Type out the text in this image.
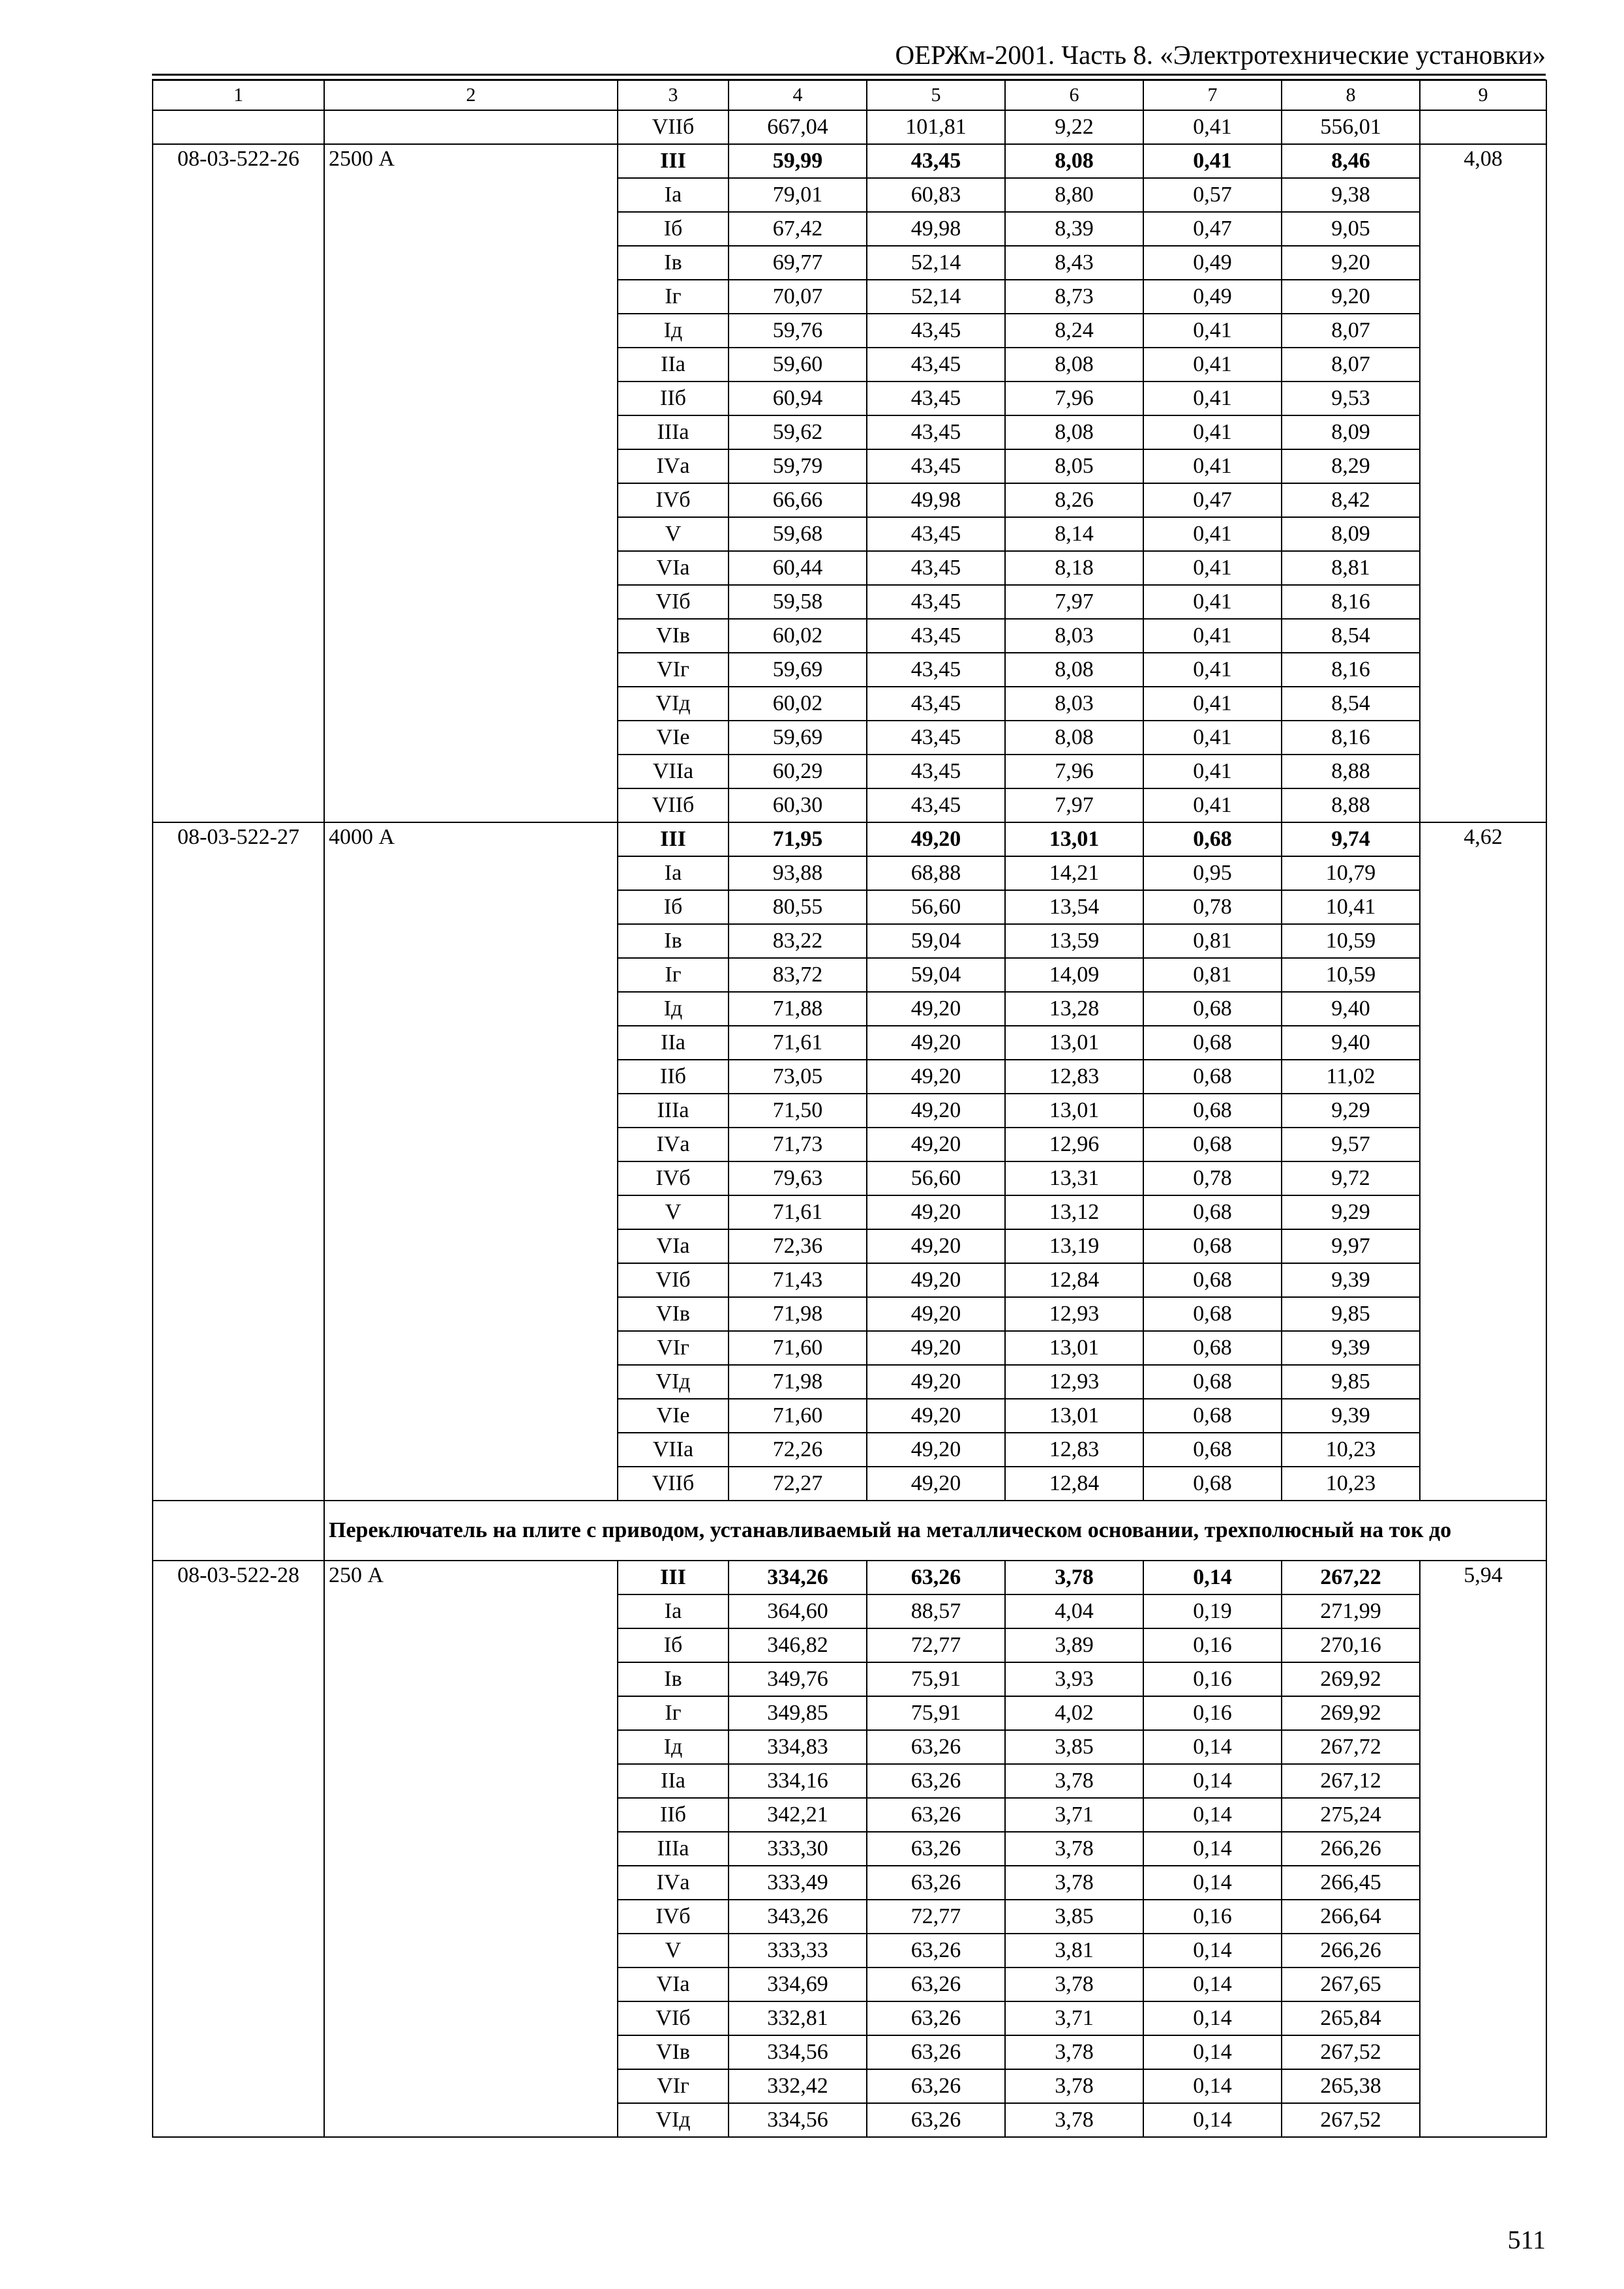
ОЕРЖм-2001. Часть 8. «Электротехнические установки»
1	2	3	4	5	6	7	8	9
		VIIб	667,04	101,81	9,22	0,41	556,01	
08-03-522-26	2500 А	III	59,99	43,45	8,08	0,41	8,46	4,08
		Iа	79,01	60,83	8,80	0,57	9,38	
		Iб	67,42	49,98	8,39	0,47	9,05	
		Iв	69,77	52,14	8,43	0,49	9,20	
		Iг	70,07	52,14	8,73	0,49	9,20	
		Iд	59,76	43,45	8,24	0,41	8,07	
		IIа	59,60	43,45	8,08	0,41	8,07	
		IIб	60,94	43,45	7,96	0,41	9,53	
		IIIа	59,62	43,45	8,08	0,41	8,09	
		IVа	59,79	43,45	8,05	0,41	8,29	
		IVб	66,66	49,98	8,26	0,47	8,42	
		V	59,68	43,45	8,14	0,41	8,09	
		VIа	60,44	43,45	8,18	0,41	8,81	
		VIб	59,58	43,45	7,97	0,41	8,16	
		VIв	60,02	43,45	8,03	0,41	8,54	
		VIг	59,69	43,45	8,08	0,41	8,16	
		VIд	60,02	43,45	8,03	0,41	8,54	
		VIе	59,69	43,45	8,08	0,41	8,16	
		VIIа	60,29	43,45	7,96	0,41	8,88	
		VIIб	60,30	43,45	7,97	0,41	8,88	
08-03-522-27	4000 А	III	71,95	49,20	13,01	0,68	9,74	4,62
		Iа	93,88	68,88	14,21	0,95	10,79	
		Iб	80,55	56,60	13,54	0,78	10,41	
		Iв	83,22	59,04	13,59	0,81	10,59	
		Iг	83,72	59,04	14,09	0,81	10,59	
		Iд	71,88	49,20	13,28	0,68	9,40	
		IIа	71,61	49,20	13,01	0,68	9,40	
		IIб	73,05	49,20	12,83	0,68	11,02	
		IIIа	71,50	49,20	13,01	0,68	9,29	
		IVа	71,73	49,20	12,96	0,68	9,57	
		IVб	79,63	56,60	13,31	0,78	9,72	
		V	71,61	49,20	13,12	0,68	9,29	
		VIа	72,36	49,20	13,19	0,68	9,97	
		VIб	71,43	49,20	12,84	0,68	9,39	
		VIв	71,98	49,20	12,93	0,68	9,85	
		VIг	71,60	49,20	13,01	0,68	9,39	
		VIд	71,98	49,20	12,93	0,68	9,85	
		VIе	71,60	49,20	13,01	0,68	9,39	
		VIIа	72,26	49,20	12,83	0,68	10,23	
		VIIб	72,27	49,20	12,84	0,68	10,23	
	Переключатель на плите с приводом, устанавливаемый на металлическом основании, трехполюсный на ток до							
08-03-522-28	250 А	III	334,26	63,26	3,78	0,14	267,22	5,94
		Iа	364,60	88,57	4,04	0,19	271,99	
		Iб	346,82	72,77	3,89	0,16	270,16	
		Iв	349,76	75,91	3,93	0,16	269,92	
		Iг	349,85	75,91	4,02	0,16	269,92	
		Iд	334,83	63,26	3,85	0,14	267,72	
		IIа	334,16	63,26	3,78	0,14	267,12	
		IIб	342,21	63,26	3,71	0,14	275,24	
		IIIа	333,30	63,26	3,78	0,14	266,26	
		IVа	333,49	63,26	3,78	0,14	266,45	
		IVб	343,26	72,77	3,85	0,16	266,64	
		V	333,33	63,26	3,81	0,14	266,26	
		VIа	334,69	63,26	3,78	0,14	267,65	
		VIб	332,81	63,26	3,71	0,14	265,84	
		VIв	334,56	63,26	3,78	0,14	267,52	
		VIг	332,42	63,26	3,78	0,14	265,38	
		VIд	334,56	63,26	3,78	0,14	267,52	
511
